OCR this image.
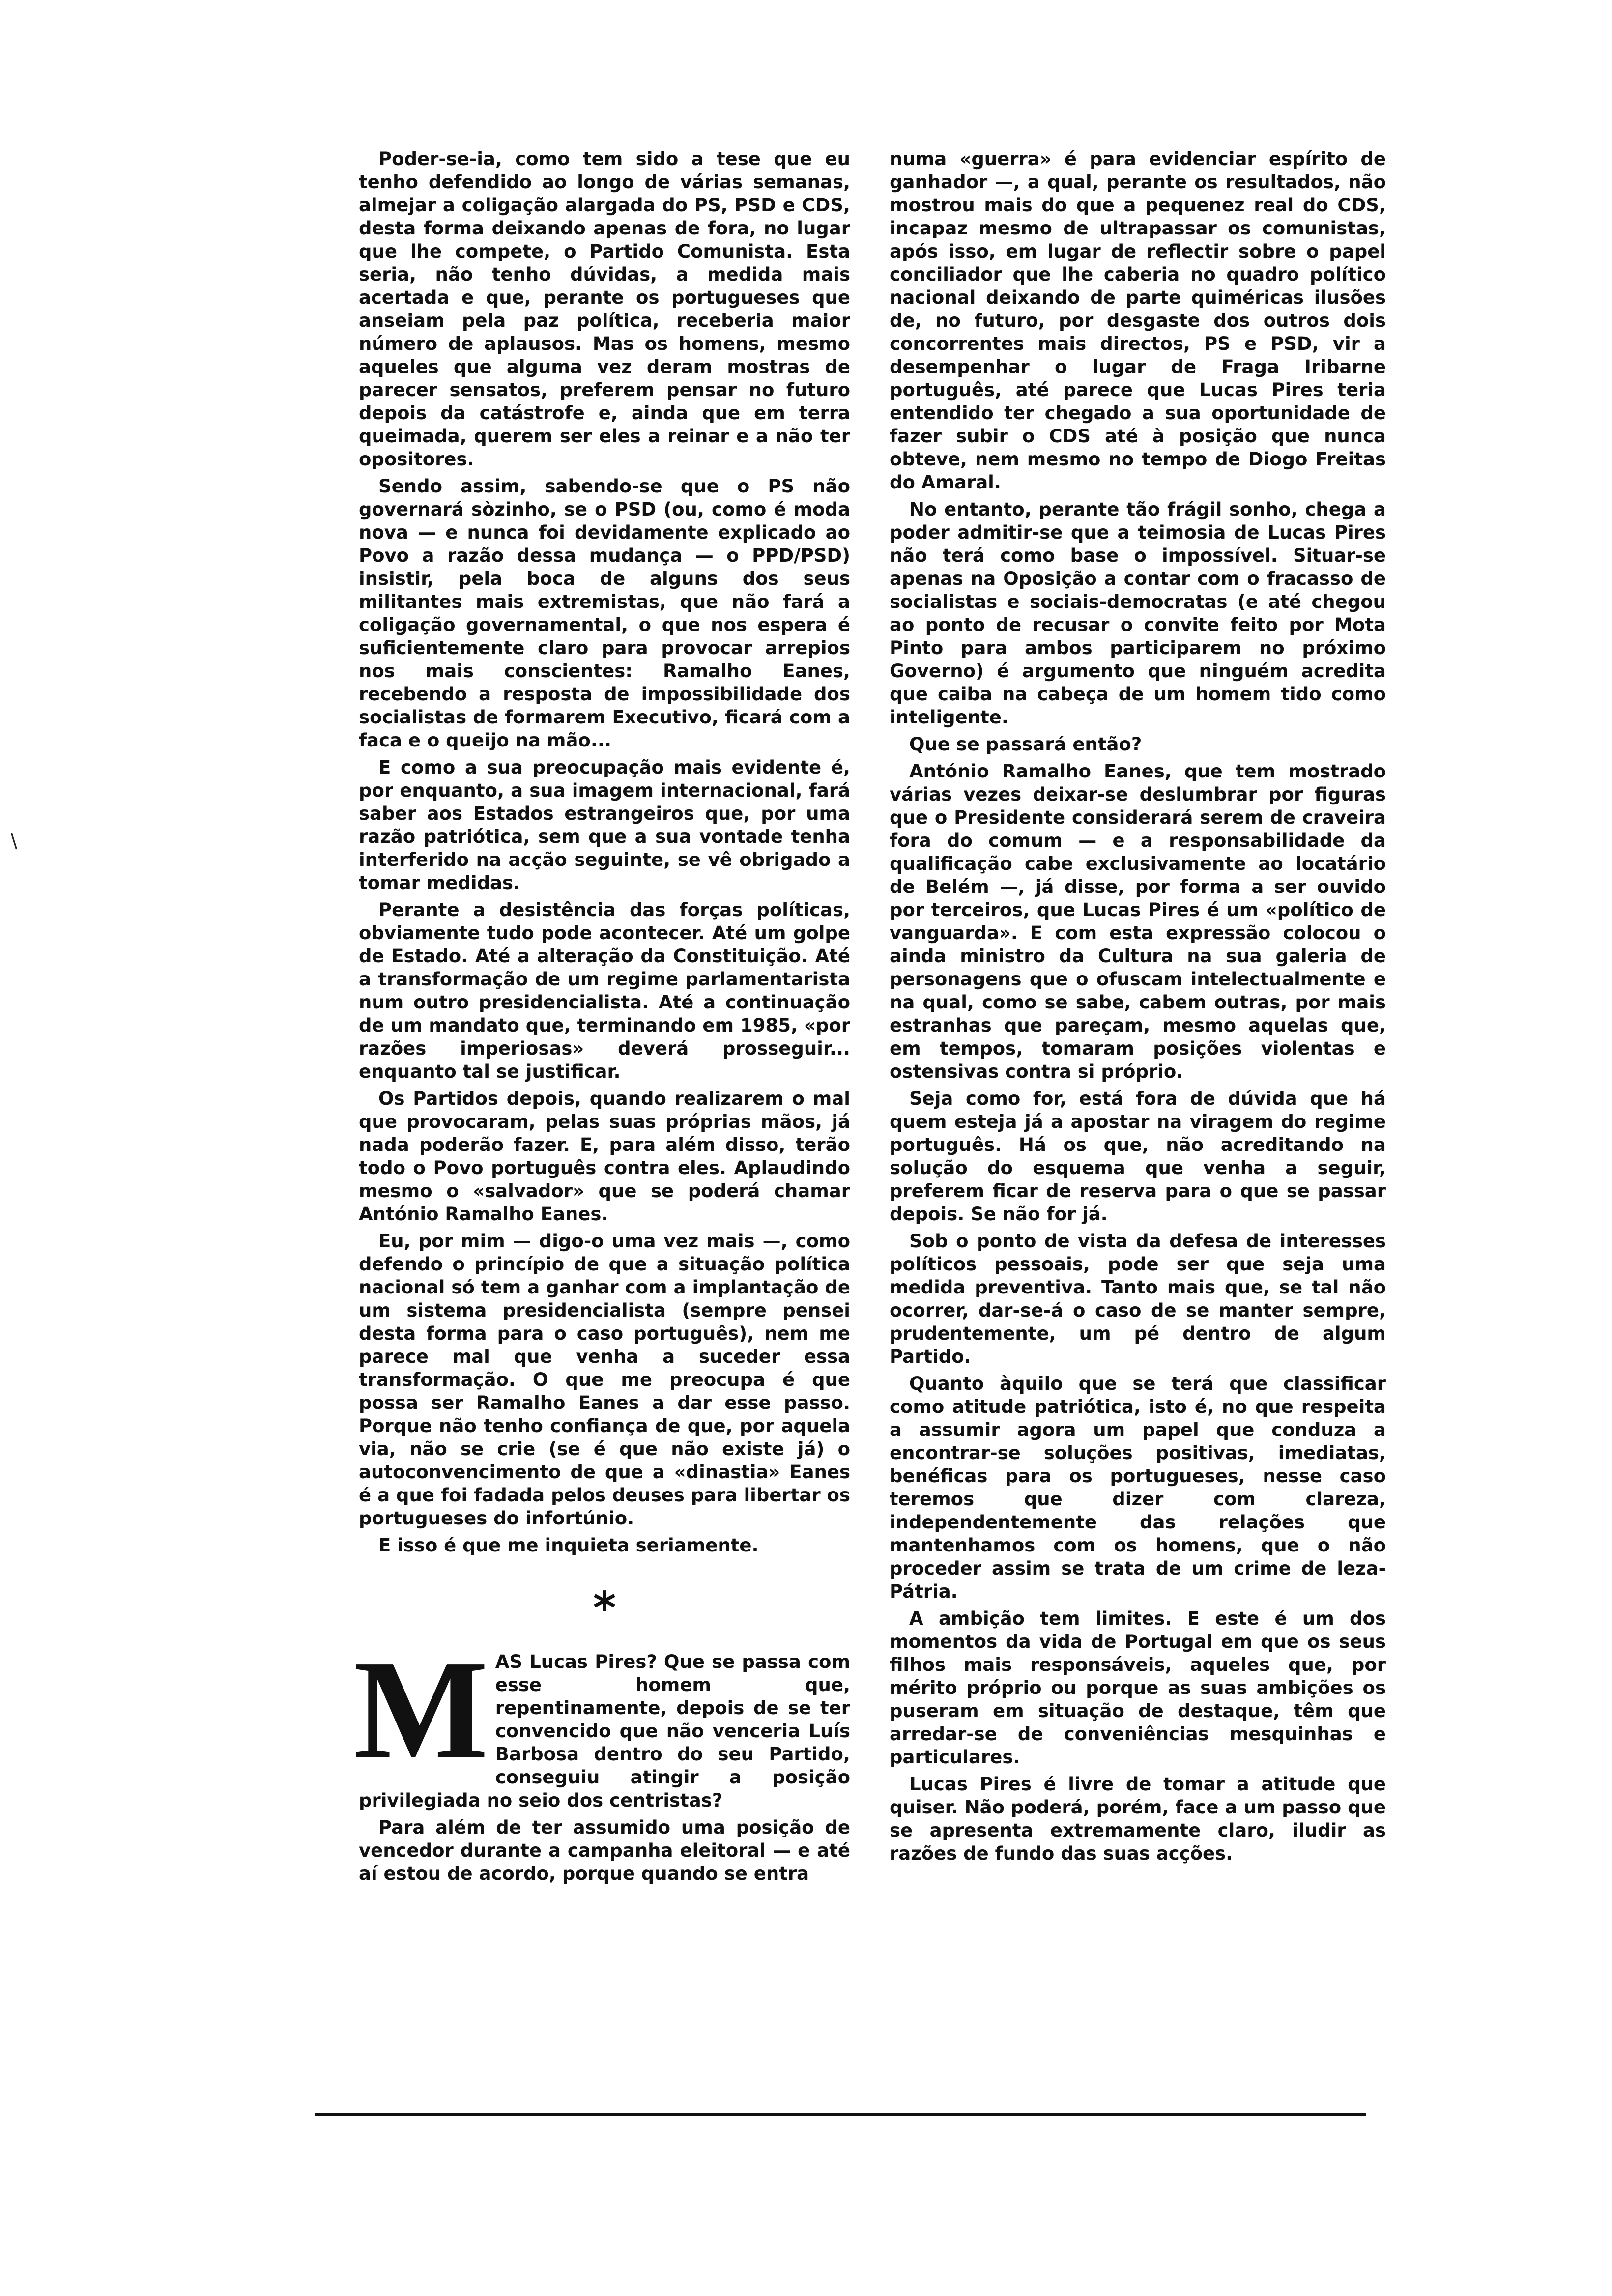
∖

Poder-se-ia, como tem sido a tese que eu tenho defendido ao longo de várias semanas, almejar a coligação alargada do PS, PSD e CDS, desta forma deixando apenas de fora, no lugar que lhe compete, o Partido Comunista. Esta seria, não tenho dúvidas, a medida mais acertada e que, perante os portugueses que anseiam pela paz política, receberia maior número de aplausos. Mas os homens, mesmo aqueles que alguma vez deram mostras de parecer sensatos, preferem pensar no futuro depois da catástrofe e, ainda que em terra queimada, querem ser eles a reinar e a não ter opositores.

Sendo assim, sabendo-se que o PS não governará sòzinho, se o PSD (ou, como é moda nova — e nunca foi devidamente explicado ao Povo a razão dessa mudança — o PPD/PSD) insistir, pela boca de alguns dos seus militantes mais extremistas, que não fará a coligação governamental, o que nos espera é suficientemente claro para provocar arrepios nos mais conscientes: Ramalho Eanes, recebendo a resposta de impossibilidade dos socialistas de formarem Executivo, ficará com a faca e o queijo na mão...

E como a sua preocupação mais evidente é, por enquanto, a sua imagem internacional, fará saber aos Estados estrangeiros que, por uma razão patriótica, sem que a sua vontade tenha interferido na acção seguinte, se vê obrigado a tomar medidas.

Perante a desistência das forças políticas, obviamente tudo pode acontecer. Até um golpe de Estado. Até a alteração da Constituição. Até a transformação de um regime parlamentarista num outro presidencialista. Até a continuação de um mandato que, terminando em 1985, «por razões imperiosas» deverá prosseguir... enquanto tal se justificar.

Os Partidos depois, quando realizarem o mal que provocaram, pelas suas próprias mãos, já nada poderão fazer. E, para além disso, terão todo o Povo português contra eles. Aplaudindo mesmo o «salvador» que se poderá chamar António Ramalho Eanes.

Eu, por mim — digo-o uma vez mais —, como defendo o princípio de que a situação política nacional só tem a ganhar com a implantação de um sistema presidencialista (sempre pensei desta forma para o caso português), nem me parece mal que venha a suceder essa transformação. O que me preocupa é que possa ser Ramalho Eanes a dar esse passo. Porque não tenho confiança de que, por aquela via, não se crie (se é que não existe já) o autoconvencimento de que a «dinastia» Eanes é a que foi fadada pelos deuses para libertar os portugueses do infortúnio.

E isso é que me inquieta seriamente.

*

M AS Lucas Pires? Que se passa com esse homem que, repentinamente, depois de se ter convencido que não venceria Luís Barbosa dentro do seu Partido, conseguiu atingir a posição privilegiada no seio dos centristas?

Para além de ter assumido uma posição de vencedor durante a campanha eleitoral — e até aí estou de acordo, porque quando se entra

numa «guerra» é para evidenciar espírito de ganhador —, a qual, perante os resultados, não mostrou mais do que a pequenez real do CDS, incapaz mesmo de ultrapassar os comunistas, após isso, em lugar de reflectir sobre o papel conciliador que lhe caberia no quadro político nacional deixando de parte quiméricas ilusões de, no futuro, por desgaste dos outros dois concorrentes mais directos, PS e PSD, vir a desempenhar o lugar de Fraga Iribarne português, até parece que Lucas Pires teria entendido ter chegado a sua oportunidade de fazer subir o CDS até à posição que nunca obteve, nem mesmo no tempo de Diogo Freitas do Amaral.

No entanto, perante tão frágil sonho, chega a poder admitir-se que a teimosia de Lucas Pires não terá como base o impossível. Situar-se apenas na Oposição a contar com o fracasso de socialistas e sociais-democratas (e até chegou ao ponto de recusar o convite feito por Mota Pinto para ambos participarem no próximo Governo) é argumento que ninguém acredita que caiba na cabeça de um homem tido como inteligente.

Que se passará então?

António Ramalho Eanes, que tem mostrado várias vezes deixar-se deslumbrar por figuras que o Presidente considerará serem de craveira fora do comum — e a responsabilidade da qualificação cabe exclusivamente ao locatário de Belém —, já disse, por forma a ser ouvido por terceiros, que Lucas Pires é um «político de vanguarda». E com esta expressão colocou o ainda ministro da Cultura na sua galeria de personagens que o ofuscam intelectualmente e na qual, como se sabe, cabem outras, por mais estranhas que pareçam, mesmo aquelas que, em tempos, tomaram posições violentas e ostensivas contra si próprio.

Seja como for, está fora de dúvida que há quem esteja já a apostar na viragem do regime português. Há os que, não acreditando na solução do esquema que venha a seguir, preferem ficar de reserva para o que se passar depois. Se não for já.

Sob o ponto de vista da defesa de interesses políticos pessoais, pode ser que seja uma medida preventiva. Tanto mais que, se tal não ocorrer, dar-se-á o caso de se manter sempre, prudentemente, um pé dentro de algum Partido.

Quanto àquilo que se terá que classificar como atitude patriótica, isto é, no que respeita a assumir agora um papel que conduza a encontrar-se soluções positivas, imediatas, benéficas para os portugueses, nesse caso teremos que dizer com clareza, independentemente das relações que mantenhamos com os homens, que o não proceder assim se trata de um crime de leza-Pátria.

A ambição tem limites. E este é um dos momentos da vida de Portugal em que os seus filhos mais responsáveis, aqueles que, por mérito próprio ou porque as suas ambições os puseram em situação de destaque, têm que arredar-se de conveniências mesquinhas e particulares.

Lucas Pires é livre de tomar a atitude que quiser. Não poderá, porém, face a um passo que se apresenta extremamente claro, iludir as razões de fundo das suas acções.
